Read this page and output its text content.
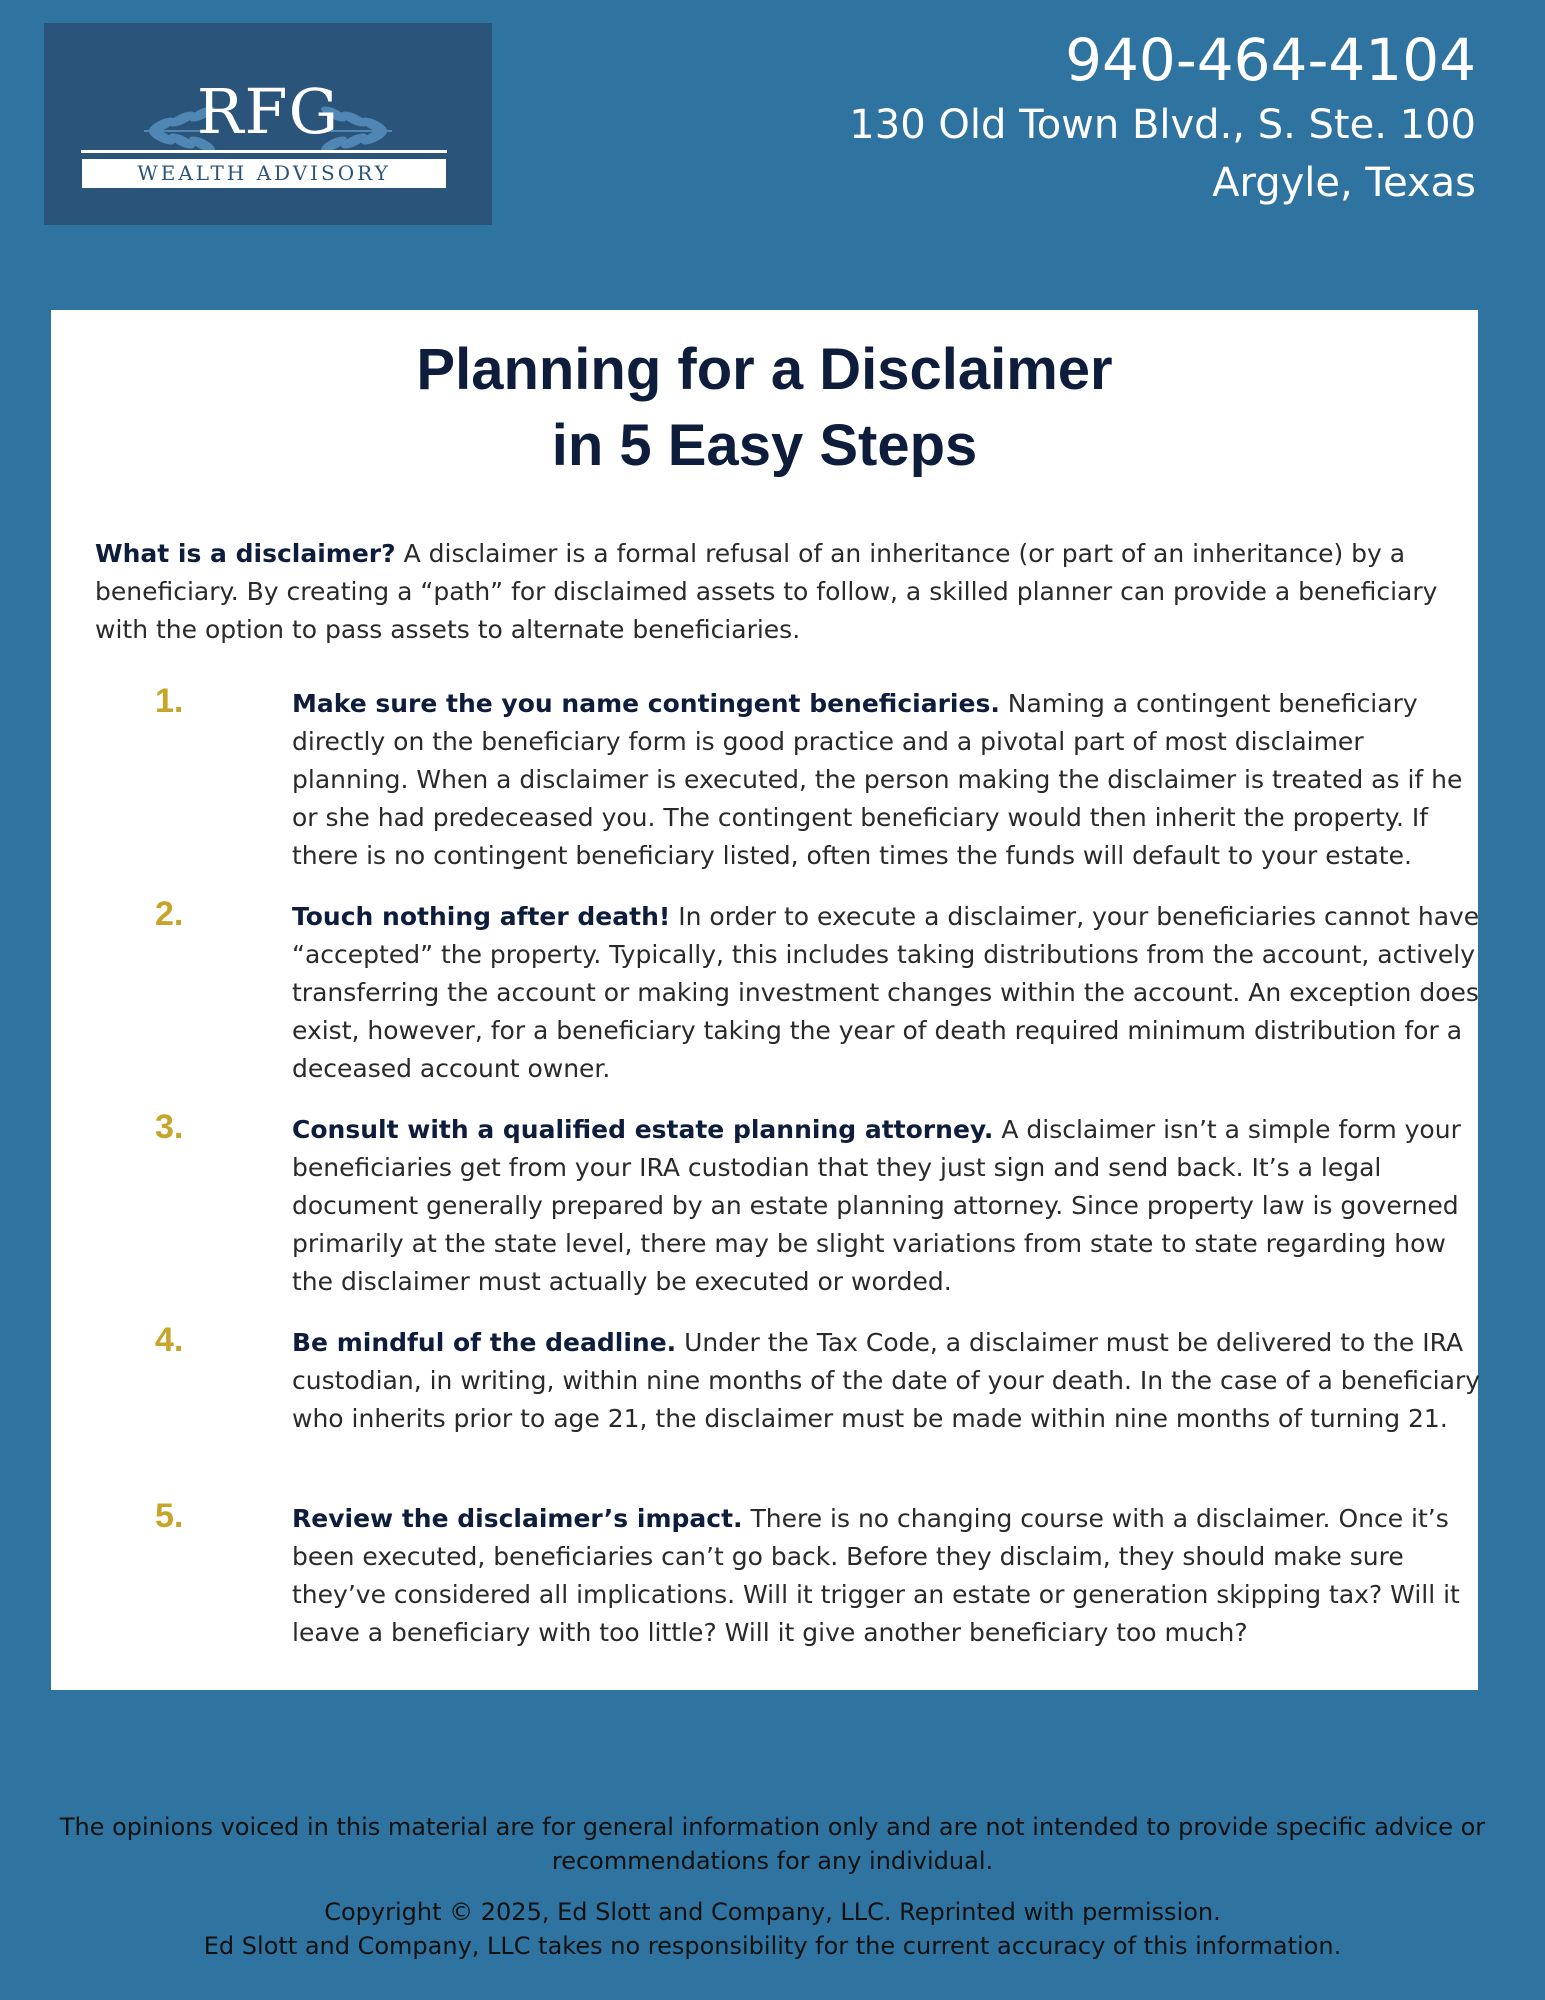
RFG
WEALTH ADVISORY
940-464-4104
130 Old Town Blvd., S. Ste. 100
Argyle, Texas
Planning for a Disclaimer
in 5 Easy Steps
What is a disclaimer? A disclaimer is a formal refusal of an inheritance (or part of an inheritance) by a beneficiary. By creating a “path” for disclaimed assets to follow, a skilled planner can provide a beneficiary with the option to pass assets to alternate beneficiaries.
1.	Make sure the you name contingent beneficiaries. Naming a contingent beneficiary directly on the beneficiary form is good practice and a pivotal part of most disclaimer planning. When a disclaimer is executed, the person making the disclaimer is treated as if he or she had predeceased you. The contingent beneficiary would then inherit the property. If there is no contingent beneficiary listed, often times the funds will default to your estate.
2.	Touch nothing after death! In order to execute a disclaimer, your beneficiaries cannot have “accepted” the property. Typically, this includes taking distributions from the account, actively transferring the account or making investment changes within the account. An exception does exist, however, for a beneficiary taking the year of death required minimum distribution for a deceased account owner.
3.	Consult with a qualified estate planning attorney. A disclaimer isn’t a simple form your beneficiaries get from your IRA custodian that they just sign and send back. It’s a legal document generally prepared by an estate planning attorney. Since property law is governed primarily at the state level, there may be slight variations from state to state regarding how the disclaimer must actually be executed or worded.
4.	Be mindful of the deadline. Under the Tax Code, a disclaimer must be delivered to the IRA custodian, in writing, within nine months of the date of your death. In the case of a beneficiary who inherits prior to age 21, the disclaimer must be made within nine months of turning 21.
5.	Review the disclaimer’s impact. There is no changing course with a disclaimer. Once it’s been executed, beneficiaries can’t go back. Before they disclaim, they should make sure they’ve considered all implications. Will it trigger an estate or generation skipping tax? Will it leave a beneficiary with too little? Will it give another beneficiary too much?
The opinions voiced in this material are for general information only and are not intended to provide specific advice or recommendations for any individual.
Copyright © 2025, Ed Slott and Company, LLC. Reprinted with permission.
Ed Slott and Company, LLC takes no responsibility for the current accuracy of this information.
